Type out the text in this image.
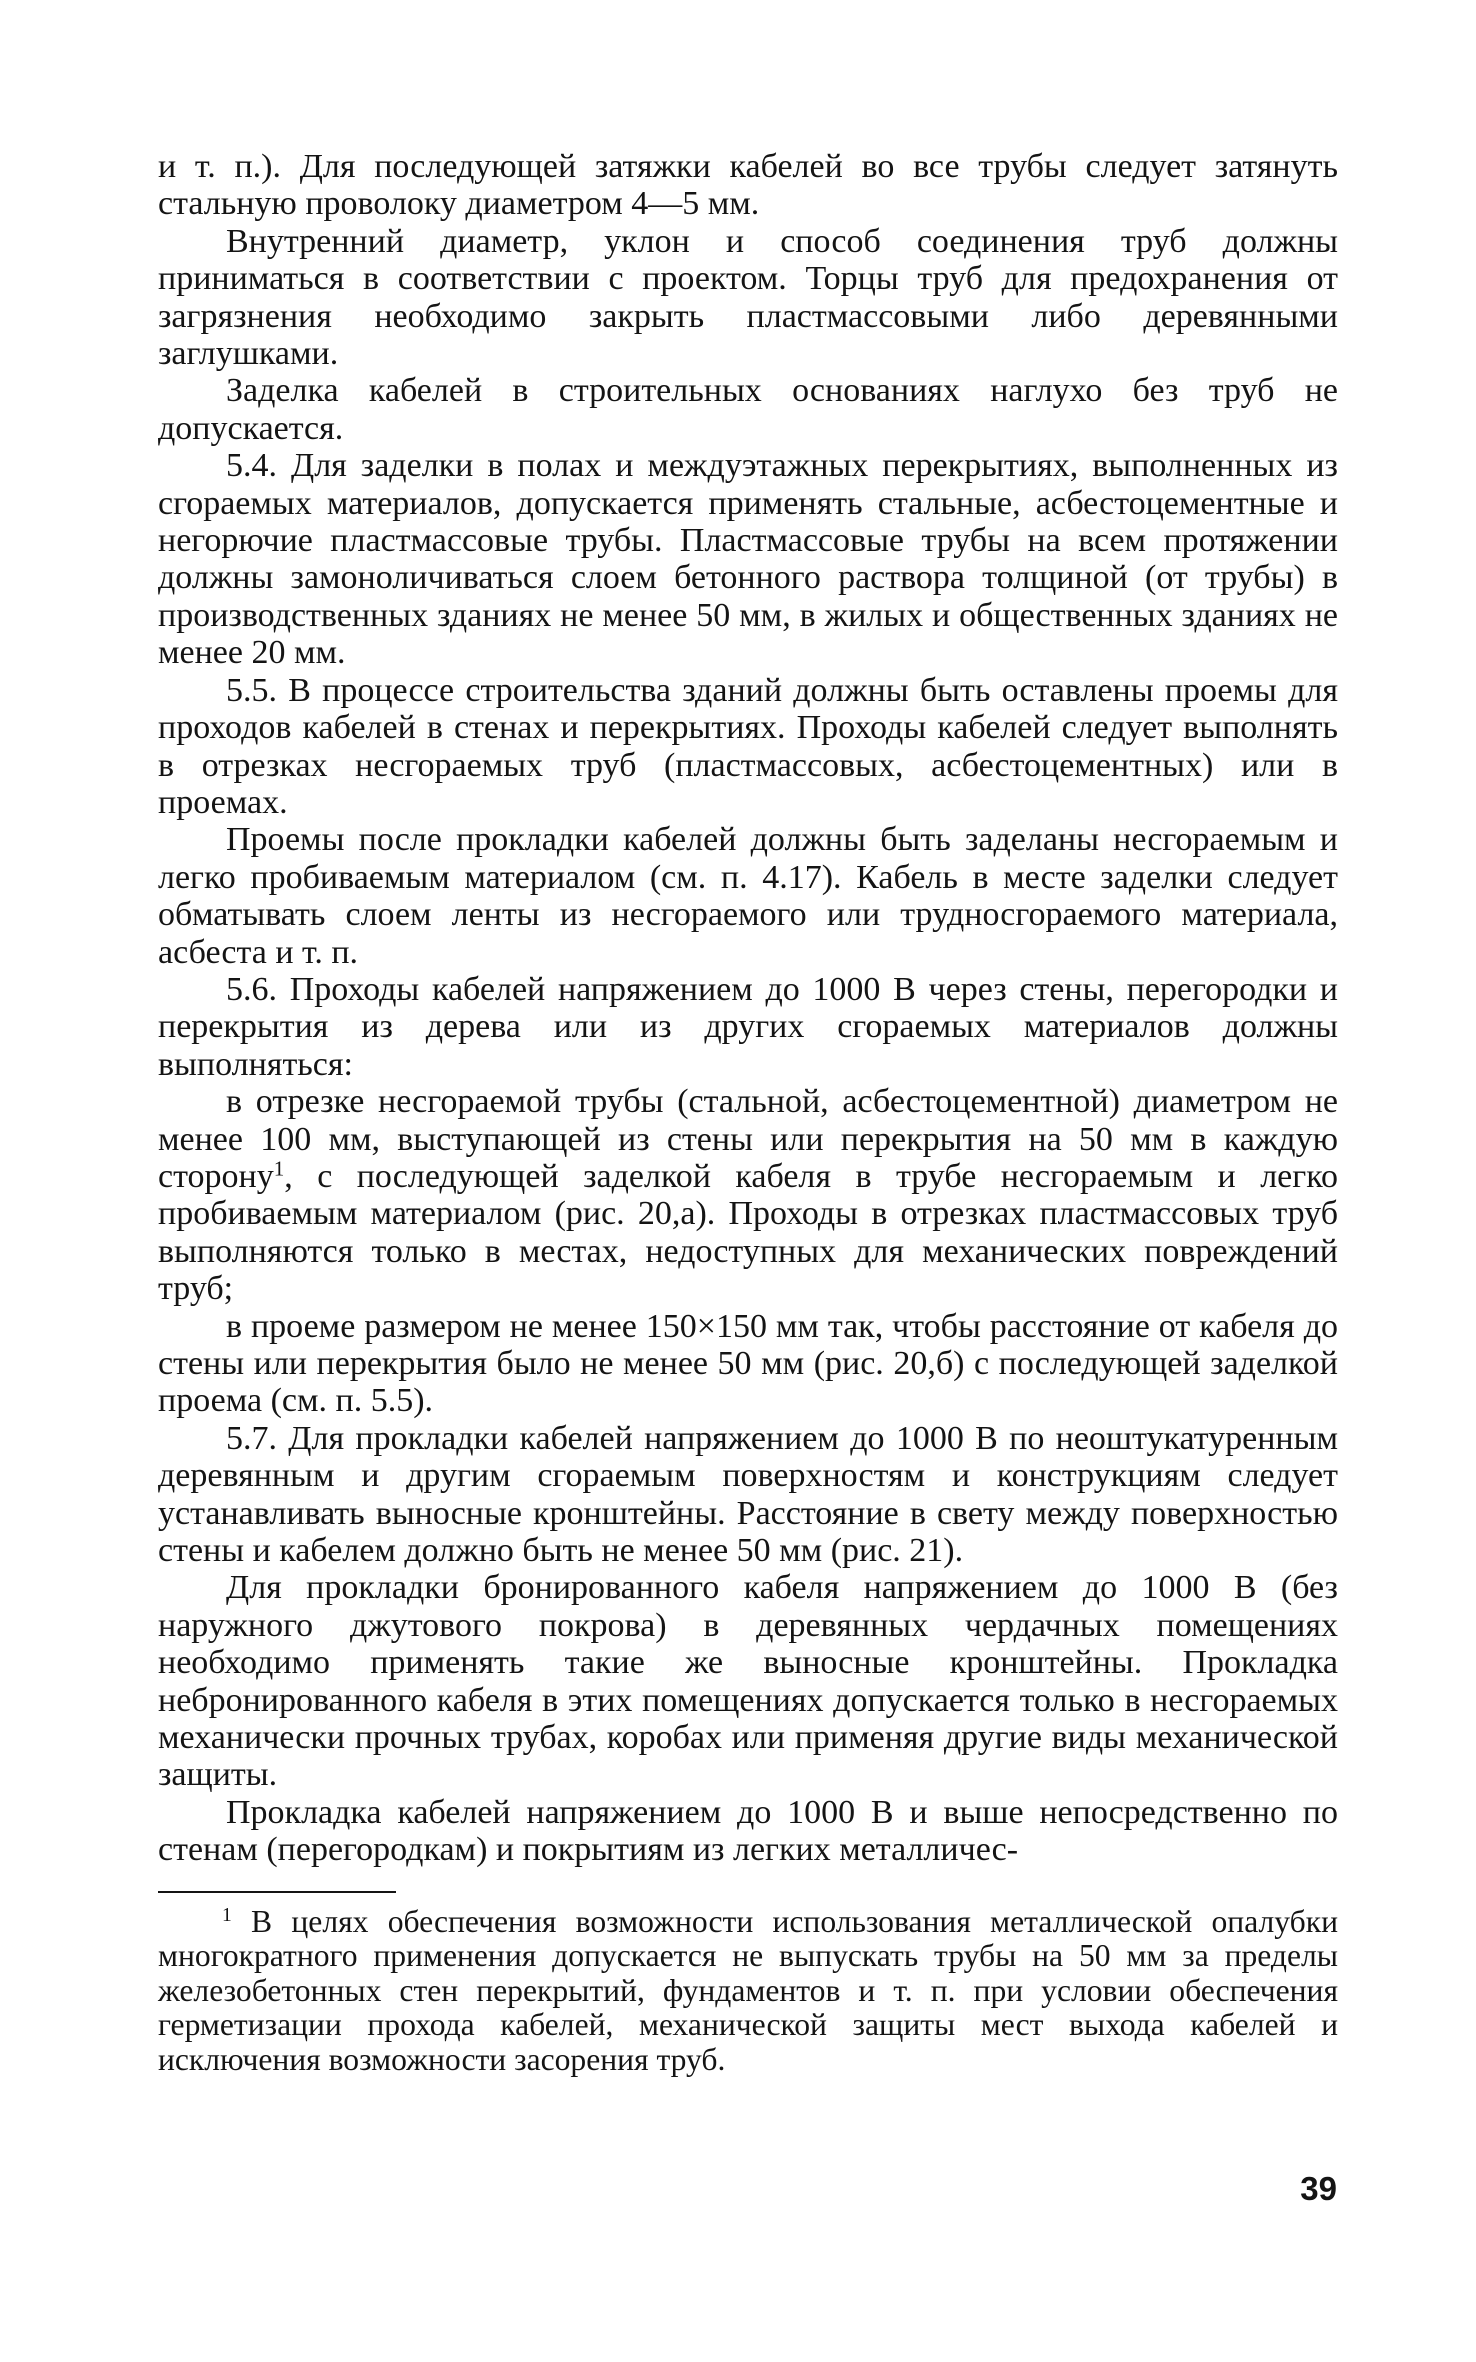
и т. п.). Для последующей затяжки кабелей во все трубы следует затянуть стальную проволоку диаметром 4—5 мм.

Внутренний диаметр, уклон и способ соединения труб должны приниматься в соответствии с проектом. Торцы труб для предохранения от загрязнения необходимо закрыть пластмассовыми либо деревянными заглушками.

Заделка кабелей в строительных основаниях наглухо без труб не допускается.

5.4. Для заделки в полах и междуэтажных перекрытиях, выполненных из сгораемых материалов, допускается применять стальные, асбестоцементные и негорючие пластмассовые трубы. Пластмассовые трубы на всем протяжении должны замоноличиваться слоем бетонного раствора толщиной (от трубы) в производственных зданиях не менее 50 мм, в жилых и общественных зданиях не менее 20 мм.

5.5. В процессе строительства зданий должны быть оставлены проемы для проходов кабелей в стенах и перекрытиях. Проходы кабелей следует выполнять в отрезках несгораемых труб (пластмассовых, асбестоцементных) или в проемах.

Проемы после прокладки кабелей должны быть заделаны несгораемым и легко пробиваемым материалом (см. п. 4.17). Кабель в месте заделки следует обматывать слоем ленты из несгораемого или трудносгораемого материала, асбеста и т. п.

5.6. Проходы кабелей напряжением до 1000 В через стены, перегородки и перекрытия из дерева или из других сгораемых материалов должны выполняться:

в отрезке несгораемой трубы (стальной, асбестоцементной) диаметром не менее 100 мм, выступающей из стены или перекрытия на 50 мм в каждую сторону$^1$, с последующей заделкой кабеля в трубе несгораемым и легко пробиваемым материалом (рис. 20,а). Проходы в отрезках пластмассовых труб выполняются только в местах, недоступных для механических повреждений труб;

в проеме размером не менее 150×150 мм так, чтобы расстояние от кабеля до стены или перекрытия было не менее 50 мм (рис. 20,б) с последующей заделкой проема (см. п. 5.5).

5.7. Для прокладки кабелей напряжением до 1000 В по неоштукатуренным деревянным и другим сгораемым поверхностям и конструкциям следует устанавливать выносные кронштейны. Расстояние в свету между поверхностью стены и кабелем должно быть не менее 50 мм (рис. 21).

Для прокладки бронированного кабеля напряжением до 1000 В (без наружного джутового покрова) в деревянных чердачных помещениях необходимо применять такие же выносные кронштейны. Прокладка небронированного кабеля в этих помещениях допускается только в несгораемых механически прочных трубах, коробах или применяя другие виды механической защиты.

Прокладка кабелей напряжением до 1000 В и выше непосредственно по стенам (перегородкам) и покрытиям из легких металличес-

$^1$ В целях обеспечения возможности использования металлической опалубки многократного применения допускается не выпускать трубы на 50 мм за пределы железобетонных стен перекрытий, фундаментов и т. п. при условии обеспечения герметизации прохода кабелей, механической защиты мест выхода кабелей и исключения возможности засорения труб.

39
